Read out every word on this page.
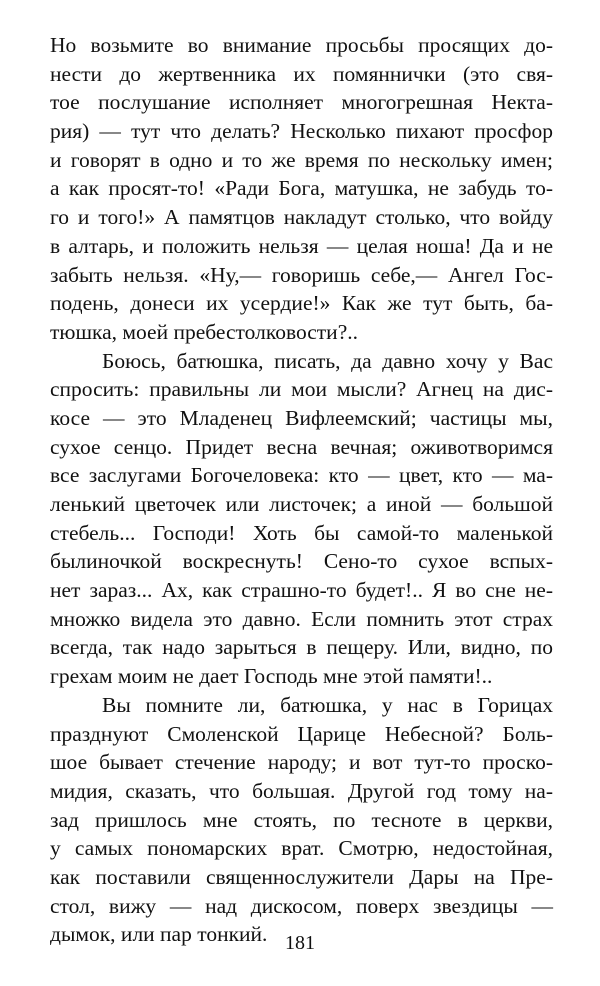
Но возьмите во внимание просьбы просящих до-
нести до жертвенника их помяннички (это свя-
тое послушание исполняет многогрешная Некта-
рия) — тут что делать? Несколько пихают просфор
и говорят в одно и то же время по нескольку имен;
а как просят-то! «Ради Бога, матушка, не забудь то-
го и того!» А памятцов накладут столько, что войду
в алтарь, и положить нельзя — целая ноша! Да и не
забыть нельзя. «Ну,— говоришь себе,— Ангел Гос-
подень, донеси их усердие!» Как же тут быть, ба-
тюшка, моей пребестолковости?..
Боюсь, батюшка, писать, да давно хочу у Вас
спросить: правильны ли мои мысли? Агнец на дис-
косе — это Младенец Вифлеемский; частицы мы,
сухое сенцо. Придет весна вечная; оживотворимся
все заслугами Богочеловека: кто — цвет, кто — ма-
ленький цветочек или листочек; а иной — большой
стебель... Господи! Хоть бы самой-то маленькой
былиночкой воскреснуть! Сено-то сухое вспых-
нет зараз... Ах, как страшно-то будет!.. Я во сне не-
множко видела это давно. Если помнить этот страх
всегда, так надо зарыться в пещеру. Или, видно, по
грехам моим не дает Господь мне этой памяти!..
Вы помните ли, батюшка, у нас в Горицах
празднуют Смоленской Царице Небесной? Боль-
шое бывает стечение народу; и вот тут-то проско-
мидия, сказать, что большая. Другой год тому на-
зад пришлось мне стоять, по тесноте в церкви,
у самых пономарских врат. Смотрю, недостойная,
как поставили священнослужители Дары на Пре-
стол, вижу — над дискосом, поверх звездицы —
дымок, или пар тонкий. 181
